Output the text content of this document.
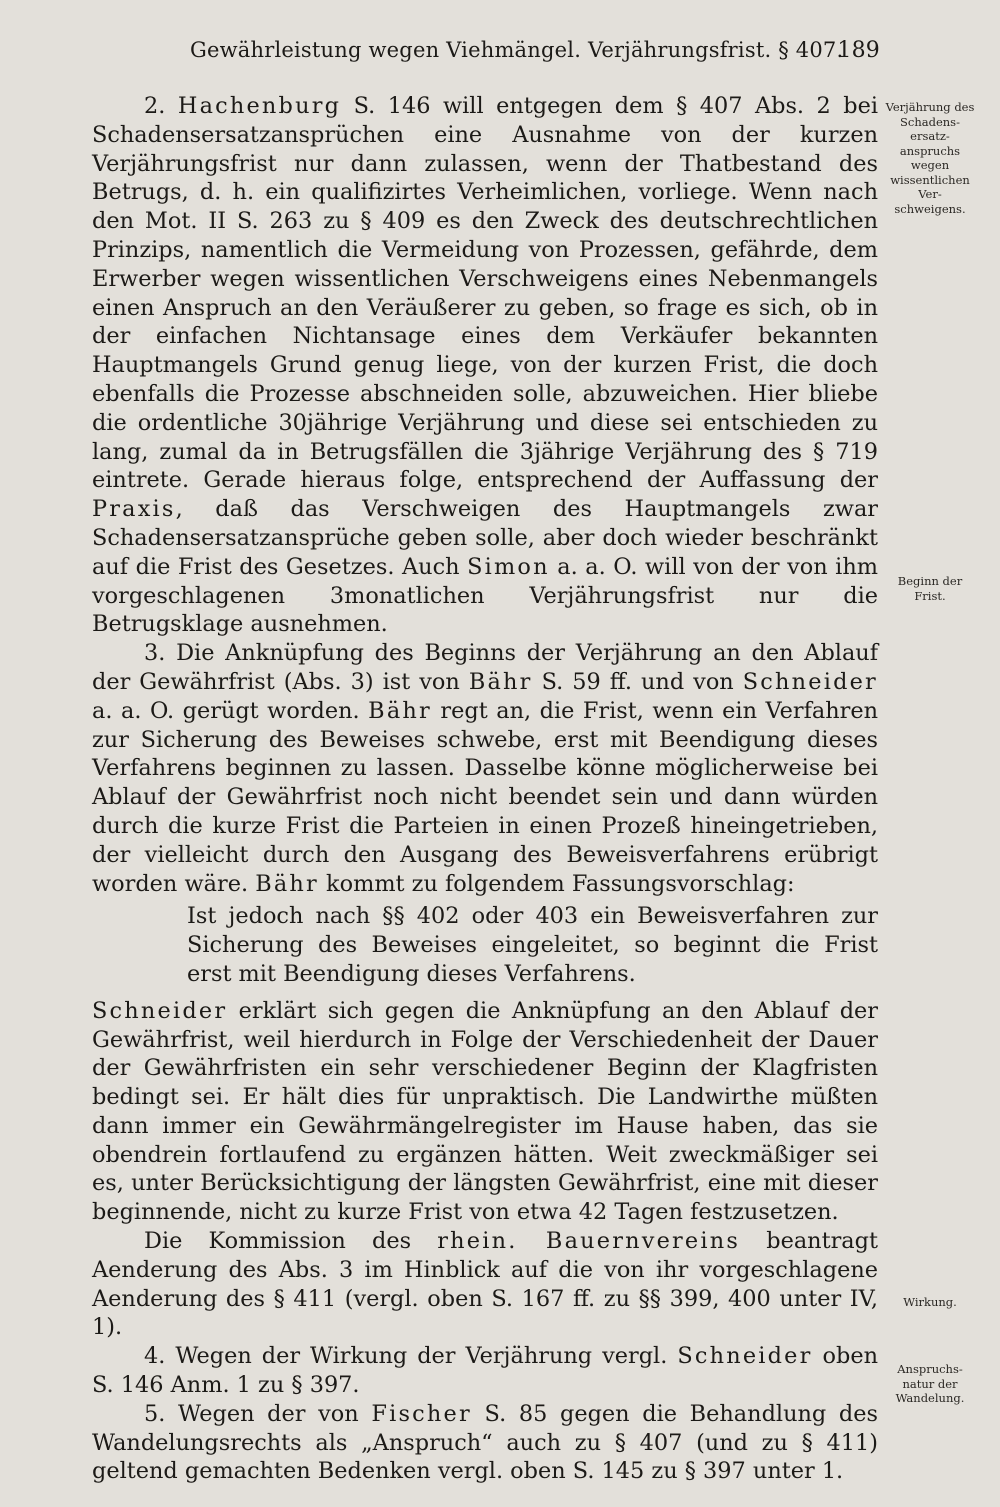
Gewährleistung wegen Viehmängel. Verjährungsfrist. § 407.
189

2. Hachenburg S. 146 will entgegen dem § 407 Abs. 2 bei Schadensersatzansprüchen eine Ausnahme von der kurzen Verjährungsfrist nur dann zulassen, wenn der Thatbestand des Betrugs, d. h. ein qualifizirtes Verheimlichen, vorliege. Wenn nach den Mot. II S. 263 zu § 409 es den Zweck des deutschrechtlichen Prinzips, namentlich die Vermeidung von Prozessen, gefährde, dem Erwerber wegen wissentlichen Verschweigens eines Nebenmangels einen Anspruch an den Veräußerer zu geben, so frage es sich, ob in der einfachen Nichtansage eines dem Verkäufer bekannten Hauptmangels Grund genug liege, von der kurzen Frist, die doch ebenfalls die Prozesse abschneiden solle, abzuweichen. Hier bliebe die ordentliche 30jährige Verjährung und diese sei entschieden zu lang, zumal da in Betrugsfällen die 3jährige Verjährung des § 719 eintrete. Gerade hieraus folge, entsprechend der Auffassung der Praxis, daß das Verschweigen des Hauptmangels zwar Schadensersatzansprüche geben solle, aber doch wieder beschränkt auf die Frist des Gesetzes. Auch Simon a. a. O. will von der von ihm vorgeschlagenen 3monatlichen Verjährungsfrist nur die Betrugsklage ausnehmen.

3. Die Anknüpfung des Beginns der Verjährung an den Ablauf der Gewährfrist (Abs. 3) ist von Bähr S. 59 ff. und von Schneider a. a. O. gerügt worden. Bähr regt an, die Frist, wenn ein Verfahren zur Sicherung des Beweises schwebe, erst mit Beendigung dieses Verfahrens beginnen zu lassen. Dasselbe könne möglicherweise bei Ablauf der Gewährfrist noch nicht beendet sein und dann würden durch die kurze Frist die Parteien in einen Prozeß hineingetrieben, der vielleicht durch den Ausgang des Beweisverfahrens erübrigt worden wäre. Bähr kommt zu folgendem Fassungsvorschlag:

Ist jedoch nach §§ 402 oder 403 ein Beweisverfahren zur Sicherung des Beweises eingeleitet, so beginnt die Frist erst mit Beendigung dieses Verfahrens.

Schneider erklärt sich gegen die Anknüpfung an den Ablauf der Gewährfrist, weil hierdurch in Folge der Verschiedenheit der Dauer der Gewährfristen ein sehr verschiedener Beginn der Klagfristen bedingt sei. Er hält dies für unpraktisch. Die Landwirthe müßten dann immer ein Gewährmängelregister im Hause haben, das sie obendrein fortlaufend zu ergänzen hätten. Weit zweckmäßiger sei es, unter Berücksichtigung der längsten Gewährfrist, eine mit dieser beginnende, nicht zu kurze Frist von etwa 42 Tagen festzusetzen.

Die Kommission des rhein. Bauernvereins beantragt Aenderung des Abs. 3 im Hinblick auf die von ihr vorgeschlagene Aenderung des § 411 (vergl. oben S. 167 ff. zu §§ 399, 400 unter IV, 1).

4. Wegen der Wirkung der Verjährung vergl. Schneider oben S. 146 Anm. 1 zu § 397.

5. Wegen der von Fischer S. 85 gegen die Behandlung des Wandelungsrechts als „Anspruch“ auch zu § 407 (und zu § 411) geltend gemachten Bedenken vergl. oben S. 145 zu § 397 unter 1.

Verjährung des Schadens-ersatz-anspruchs wegen wissentlichen Ver-schweigens.
Beginn der Frist.
Wirkung.
Anspruchs-natur der Wandelung.
